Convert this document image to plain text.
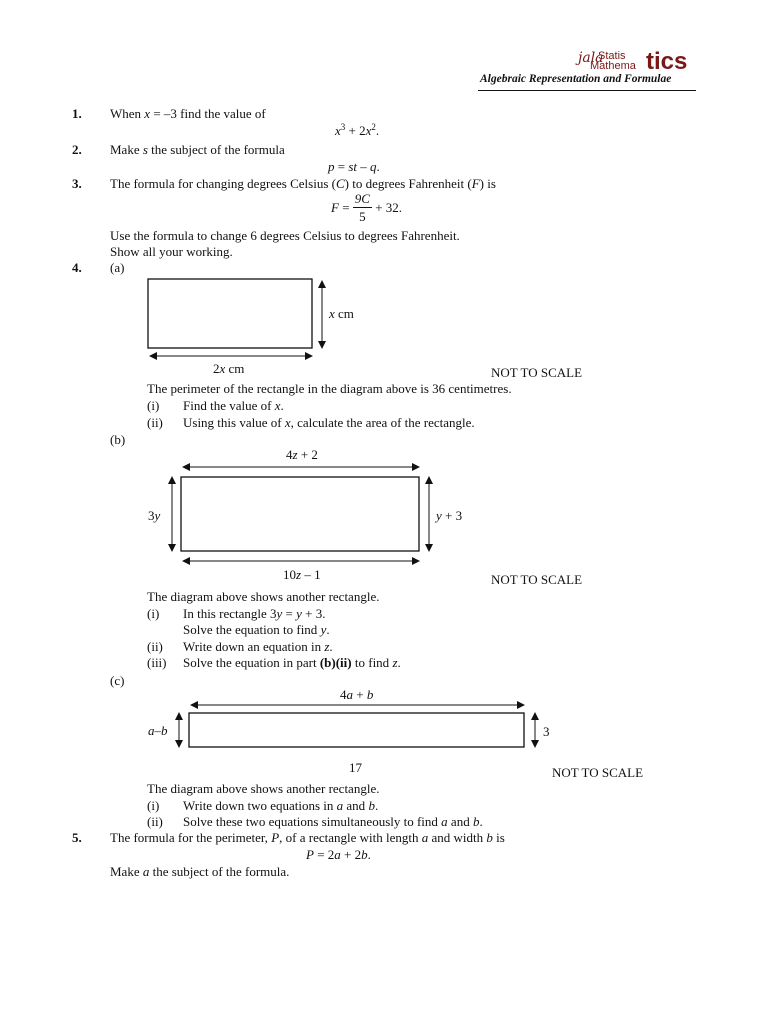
jala
Statis
Mathema tics
Algebraic Representation and Formulae
1. When x = –3 find the value of
$x^3 + 2x^2$.
2. Make s the subject of the formula
p = st – q.
3. The formula for changing degrees Celsius (C) to degrees Fahrenheit (F) is
$F = \frac{9C}{5} + 32$.
Use the formula to change 6 degrees Celsius to degrees Fahrenheit.
Show all your working.
4. (a)
x cm
2x cm	NOT TO SCALE
The perimeter of the rectangle in the diagram above is 36 centimetres.
(i) Find the value of x.
(ii) Using this value of x, calculate the area of the rectangle.
(b)
4z + 2
3y	y + 3
10z – 1	NOT TO SCALE
The diagram above shows another rectangle.
(i) In this rectangle 3y = y + 3.
Solve the equation to find y.
(ii) Write down an equation in z.
(iii) Solve the equation in part (b)(ii) to find z.
(c)
4a + b
a–b	3
17	NOT TO SCALE
The diagram above shows another rectangle.
(i) Write down two equations in a and b.
(ii) Solve these two equations simultaneously to find a and b.
5. The formula for the perimeter, P, of a rectangle with length a and width b is
P = 2a + 2b.
Make a the subject of the formula.
